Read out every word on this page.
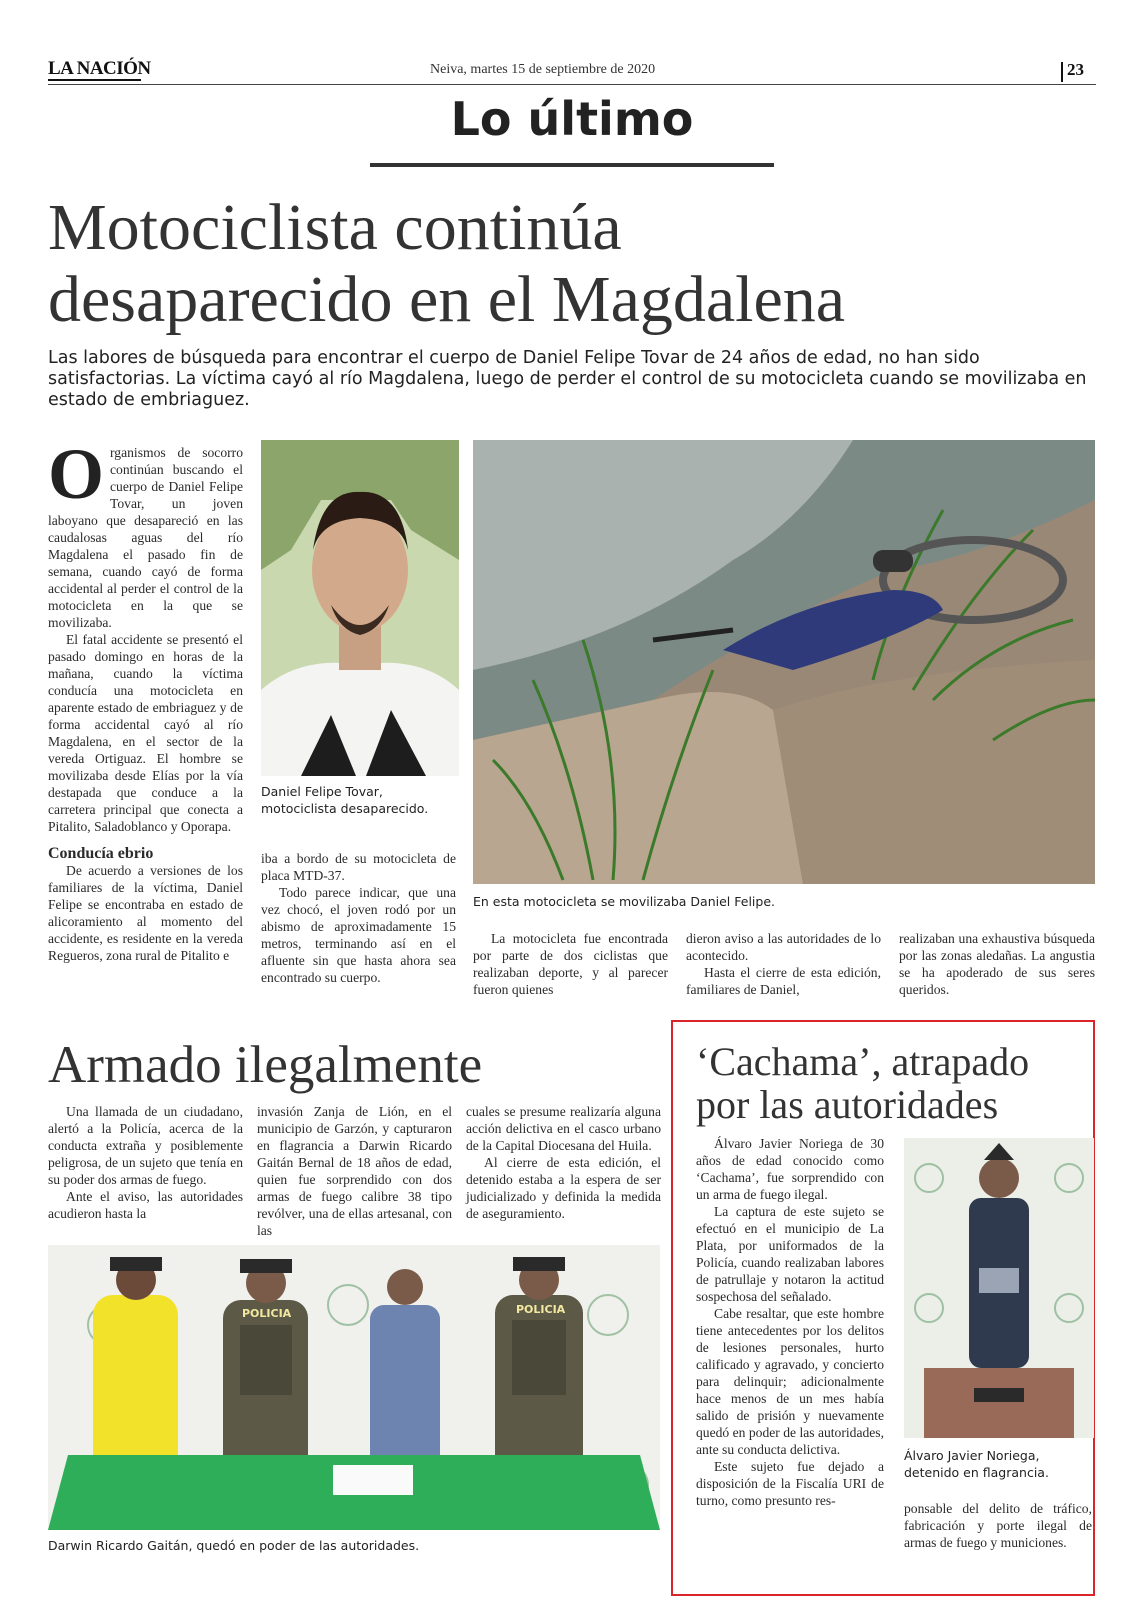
LA NACIÓN	Neiva, martes 15 de septiembre de 2020	23
Lo último
Motociclista continúa
desaparecido en el Magdalena
Las labores de búsqueda para encontrar el cuerpo de Daniel Felipe Tovar de 24 años de edad, no han sido satisfactorias. La víctima cayó al río Magdalena, luego de perder el control de su motocicleta cuando se movilizaba en estado de embriaguez.
O rganismos de socorro continúan buscando el cuerpo de Daniel Felipe Tovar, un joven laboyano que desapareció en las caudalosas aguas del río Magdalena el pasado fin de semana, cuando cayó de forma accidental al perder el control de la motocicleta en la que se movilizaba.

El fatal accidente se presentó el pasado domingo en horas de la mañana, cuando la víctima conducía una motocicleta en aparente estado de embriaguez y de forma accidental cayó al río Magdalena, en el sector de la vereda Ortiguaz. El hombre se movilizaba desde Elías por la vía destapada que conduce a la carretera principal que conecta a Pitalito, Saladoblanco y Oporapa.

Conducía ebrio

De acuerdo a versiones de los familiares de la víctima, Daniel Felipe se encontraba en estado de alicoramiento al momento del accidente, es residente en la vereda Regueros, zona rural de Pitalito e

Daniel Felipe Tovar, motociclista desaparecido.

iba a bordo de su motocicleta de placa MTD-37.

Todo parece indicar, que una vez chocó, el joven rodó por un abismo de aproximadamente 15 metros, terminando así en el afluente sin que hasta ahora sea encontrado su cuerpo.

En esta motocicleta se movilizaba Daniel Felipe.

La motocicleta fue encontrada por parte de dos ciclistas que realizaban deporte, y al parecer fueron quienes

dieron aviso a las autoridades de lo acontecido.

Hasta el cierre de esta edición, familiares de Daniel,

realizaban una exhaustiva búsqueda por las zonas aledañas. La angustia se ha apoderado de sus seres queridos.

Armado ilegalmente

Una llamada de un ciudadano, alertó a la Policía, acerca de la conducta extraña y posiblemente peligrosa, de un sujeto que tenía en su poder dos armas de fuego.

Ante el aviso, las autoridades acudieron hasta la

invasión Zanja de Lión, en el municipio de Garzón, y capturaron en flagrancia a Darwin Ricardo Gaitán Bernal de 18 años de edad, quien fue sorprendido con dos armas de fuego calibre 38 tipo revólver, una de ellas artesanal, con las

cuales se presume realizaría alguna acción delictiva en el casco urbano de la Capital Diocesana del Huila.

Al cierre de esta edición, el detenido estaba a la espera de ser judicializado y definida la medida de aseguramiento.

POLICIA	POLICIA
Darwin Ricardo Gaitán, quedó en poder de las autoridades.
‘Cachama’, atrapado
por las autoridades

Álvaro Javier Noriega de 30 años de edad conocido como ‘Cachama’, fue sorprendido con un arma de fuego ilegal.

La captura de este sujeto se efectuó en el municipio de La Plata, por uniformados de la Policía, cuando realizaban labores de patrullaje y notaron la actitud sospechosa del señalado.

Cabe resaltar, que este hombre tiene antecedentes por los delitos de lesiones personales, hurto calificado y agravado, y concierto para delinquir; adicionalmente hace menos de un mes había salido de prisión y nuevamente quedó en poder de las autoridades, ante su conducta delictiva.

Este sujeto fue dejado a disposición de la Fiscalía URI de turno, como presunto res-

Álvaro Javier Noriega, detenido en flagrancia.

ponsable del delito de tráfico, fabricación y porte ilegal de armas de fuego y municiones.
